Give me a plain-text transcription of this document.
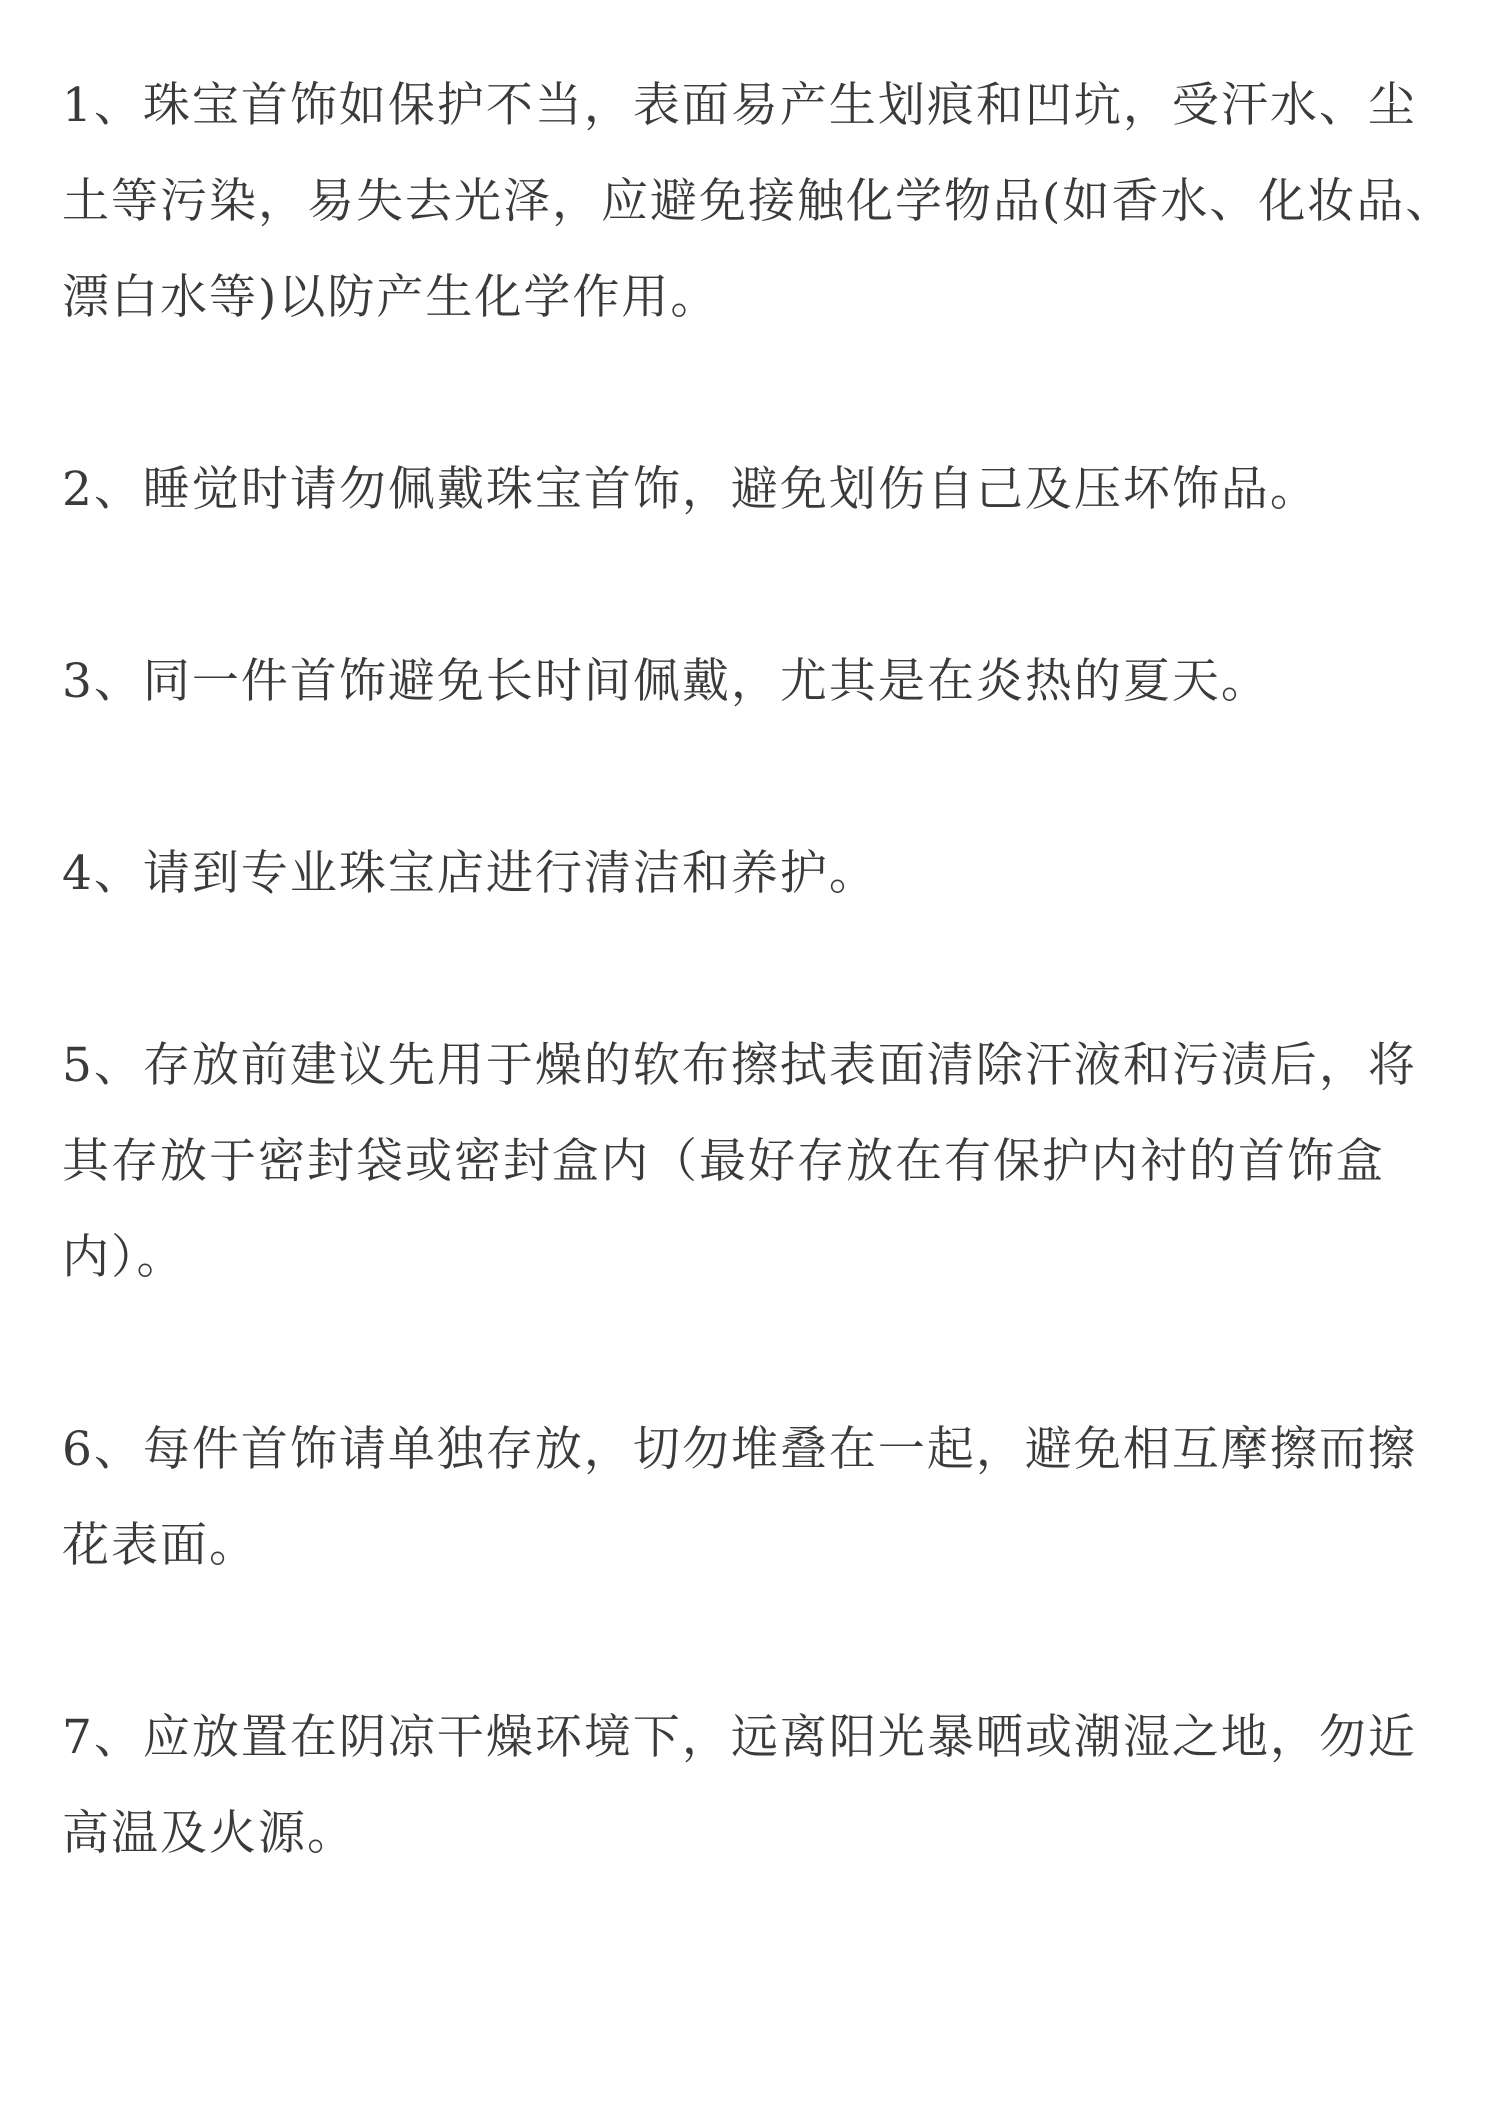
1、珠宝首饰如保护不当，表面易产生划痕和凹坑，受汗水、尘土等污染，易失去光泽，应避免接触化学物品(如香水、化妆品、漂白水等)以防产生化学作用。

2、睡觉时请勿佩戴珠宝首饰，避免划伤自己及压坏饰品。

3、同一件首饰避免长时间佩戴，尤其是在炎热的夏天。

4、请到专业珠宝店进行清洁和养护。

5、存放前建议先用于燥的软布擦拭表面清除汗液和污渍后，将其存放于密封袋或密封盒内（最好存放在有保护内衬的首饰盒内）。

6、每件首饰请单独存放，切勿堆叠在一起，避免相互摩擦而擦花表面。

7、应放置在阴凉干燥环境下，远离阳光暴晒或潮湿之地，勿近高温及火源。
